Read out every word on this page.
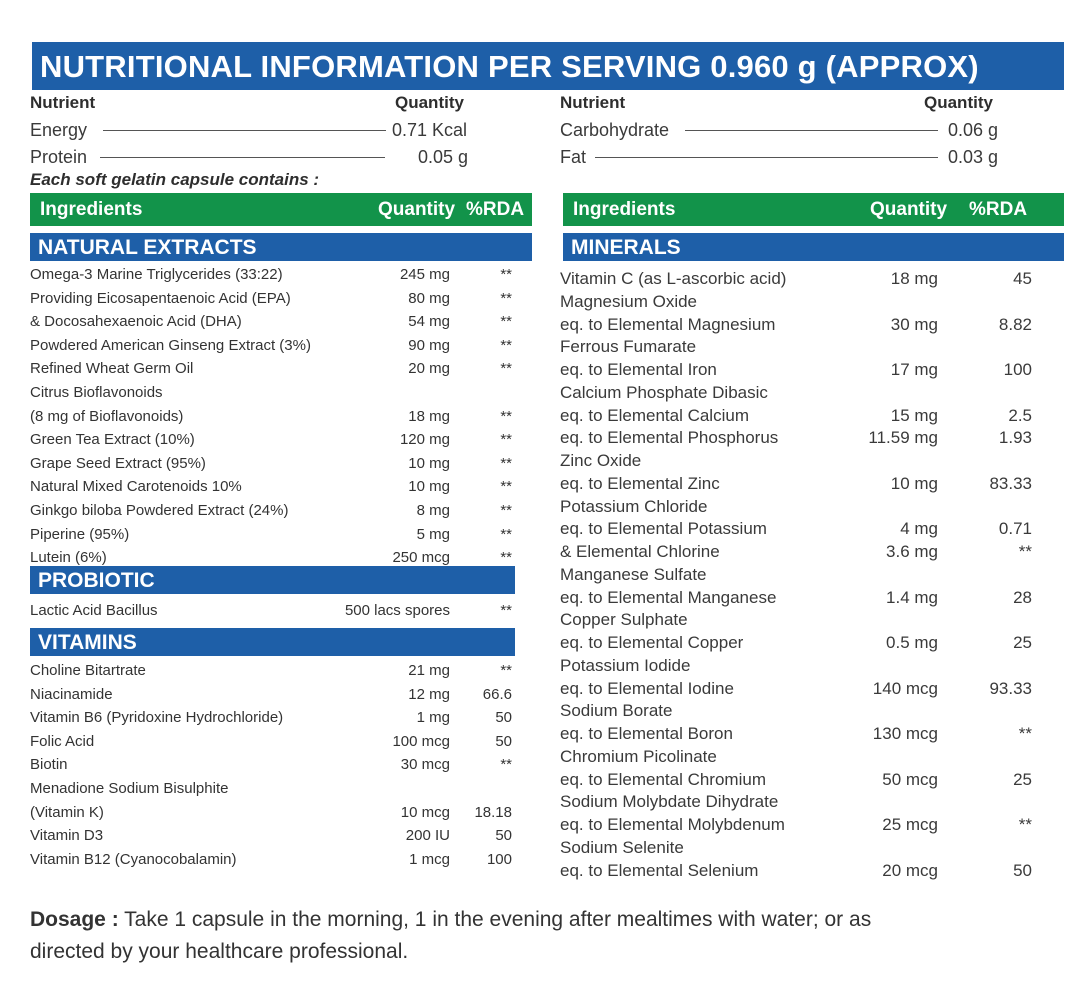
NUTRITIONAL INFORMATION PER SERVING 0.960 g (APPROX)
Nutrient	Quantity
Energy	0.71 Kcal
Protein	0.05 g
Nutrient	Quantity
Carbohydrate	0.06 g
Fat	0.03 g
Each soft gelatin capsule contains :
Ingredients	Quantity %RDA	Ingredients	Quantity %RDA
NATURAL EXTRACTS	MINERALS
PROBIOTIC
VITAMINS
Omega-3 Marine Triglycerides (33:22)	245 mg	**
Providing Eicosapentaenoic Acid (EPA)	80 mg	**
& Docosahexaenoic Acid (DHA)	54 mg	**
Powdered American Ginseng Extract (3%)	90 mg	**
Refined Wheat Germ Oil	20 mg	**
Citrus Bioflavonoids
(8 mg of Bioflavonoids)	18 mg	**
Green Tea Extract (10%)	120 mg	**
Grape Seed Extract (95%)	10 mg	**
Natural Mixed Carotenoids 10%	10 mg	**
Ginkgo biloba Powdered Extract (24%)	8 mg	**
Piperine (95%)	5 mg	**
Lutein (6%)	250 mcg	**
Lactic Acid Bacillus	500 lacs spores	**
Choline Bitartrate	21 mg	**
Niacinamide	12 mg	66.6
Vitamin B6 (Pyridoxine Hydrochloride)	1 mg	50
Folic Acid	100 mcg	50
Biotin	30 mcg	**
Menadione Sodium Bisulphite
(Vitamin K)	10 mcg	18.18
Vitamin D3	200 IU	50
Vitamin B12 (Cyanocobalamin)	1 mcg	100
Vitamin C (as L-ascorbic acid)	18 mg	45
Magnesium Oxide
eq. to Elemental Magnesium	30 mg	8.82
Ferrous Fumarate
eq. to Elemental Iron	17 mg	100
Calcium Phosphate Dibasic
eq. to Elemental Calcium	15 mg	2.5
eq. to Elemental Phosphorus	11.59 mg	1.93
Zinc Oxide
eq. to Elemental Zinc	10 mg	83.33
Potassium Chloride
eq. to Elemental Potassium	4 mg	0.71
& Elemental Chlorine	3.6 mg	**
Manganese Sulfate
eq. to Elemental Manganese	1.4 mg	28
Copper Sulphate
eq. to Elemental Copper	0.5 mg	25
Potassium Iodide
eq. to Elemental Iodine	140 mcg	93.33
Sodium Borate
eq. to Elemental Boron	130 mcg	**
Chromium Picolinate
eq. to Elemental Chromium	50 mcg	25
Sodium Molybdate Dihydrate
eq. to Elemental Molybdenum	25 mcg	**
Sodium Selenite
eq. to Elemental Selenium	20 mcg	50
Dosage : Take 1 capsule in the morning, 1 in the evening after mealtimes with water; or as
directed by your healthcare professional.
